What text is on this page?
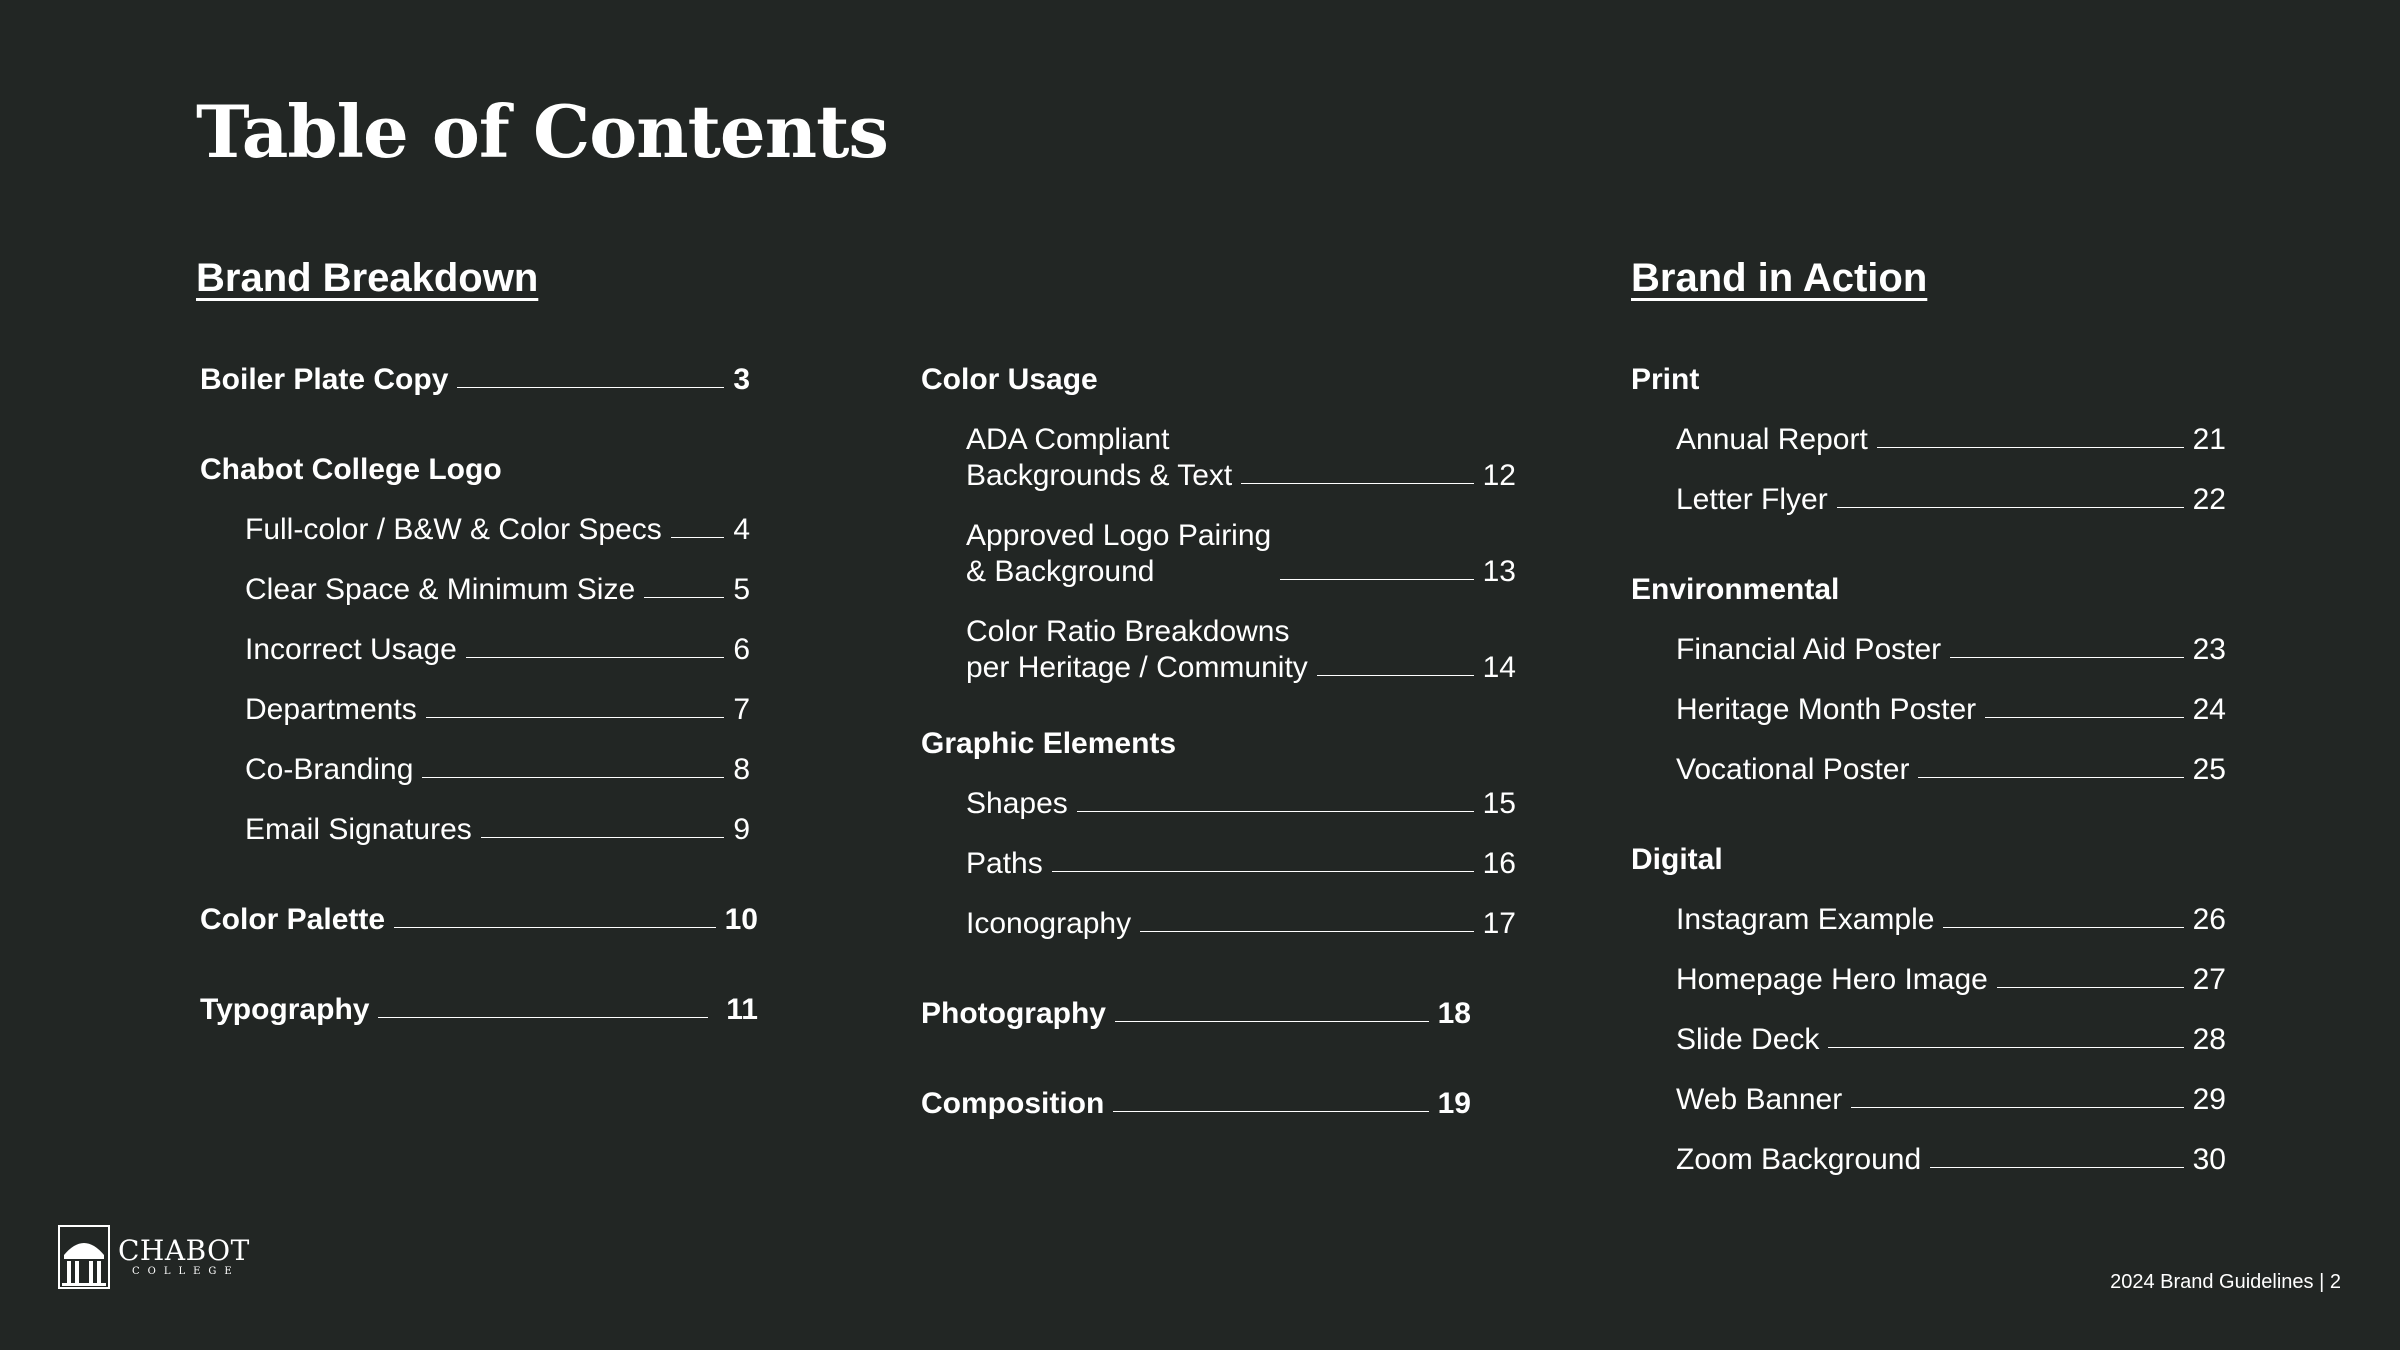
Table of Contents
Brand Breakdown	Brand in Action
Boiler Plate Copy	3
Chabot College Logo
Full-color / B&W & Color Specs 4
Clear Space & Minimum Size	5
Incorrect Usage	6
Departments	7
Co-Branding	8
Email Signatures	9
Color Palette	10
Typography	11
Color Usage
ADA Compliant
Backgrounds & Text	12
Approved Logo Pairing
& Background	13
Color Ratio Breakdowns
per Heritage / Community	14
Graphic Elements
Shapes	15
Paths	16
Iconography	17
Photography	18
Composition	19
Print
Annual Report	21
Letter Flyer	22
Environmental
Financial Aid Poster	23
Heritage Month Poster	24
Vocational Poster	25
Digital
Instagram Example	26
Homepage Hero Image	27
Slide Deck	28
Web Banner	29
Zoom Background	30
CHABOT
COLLEGE	2024 Brand Guidelines | 2
